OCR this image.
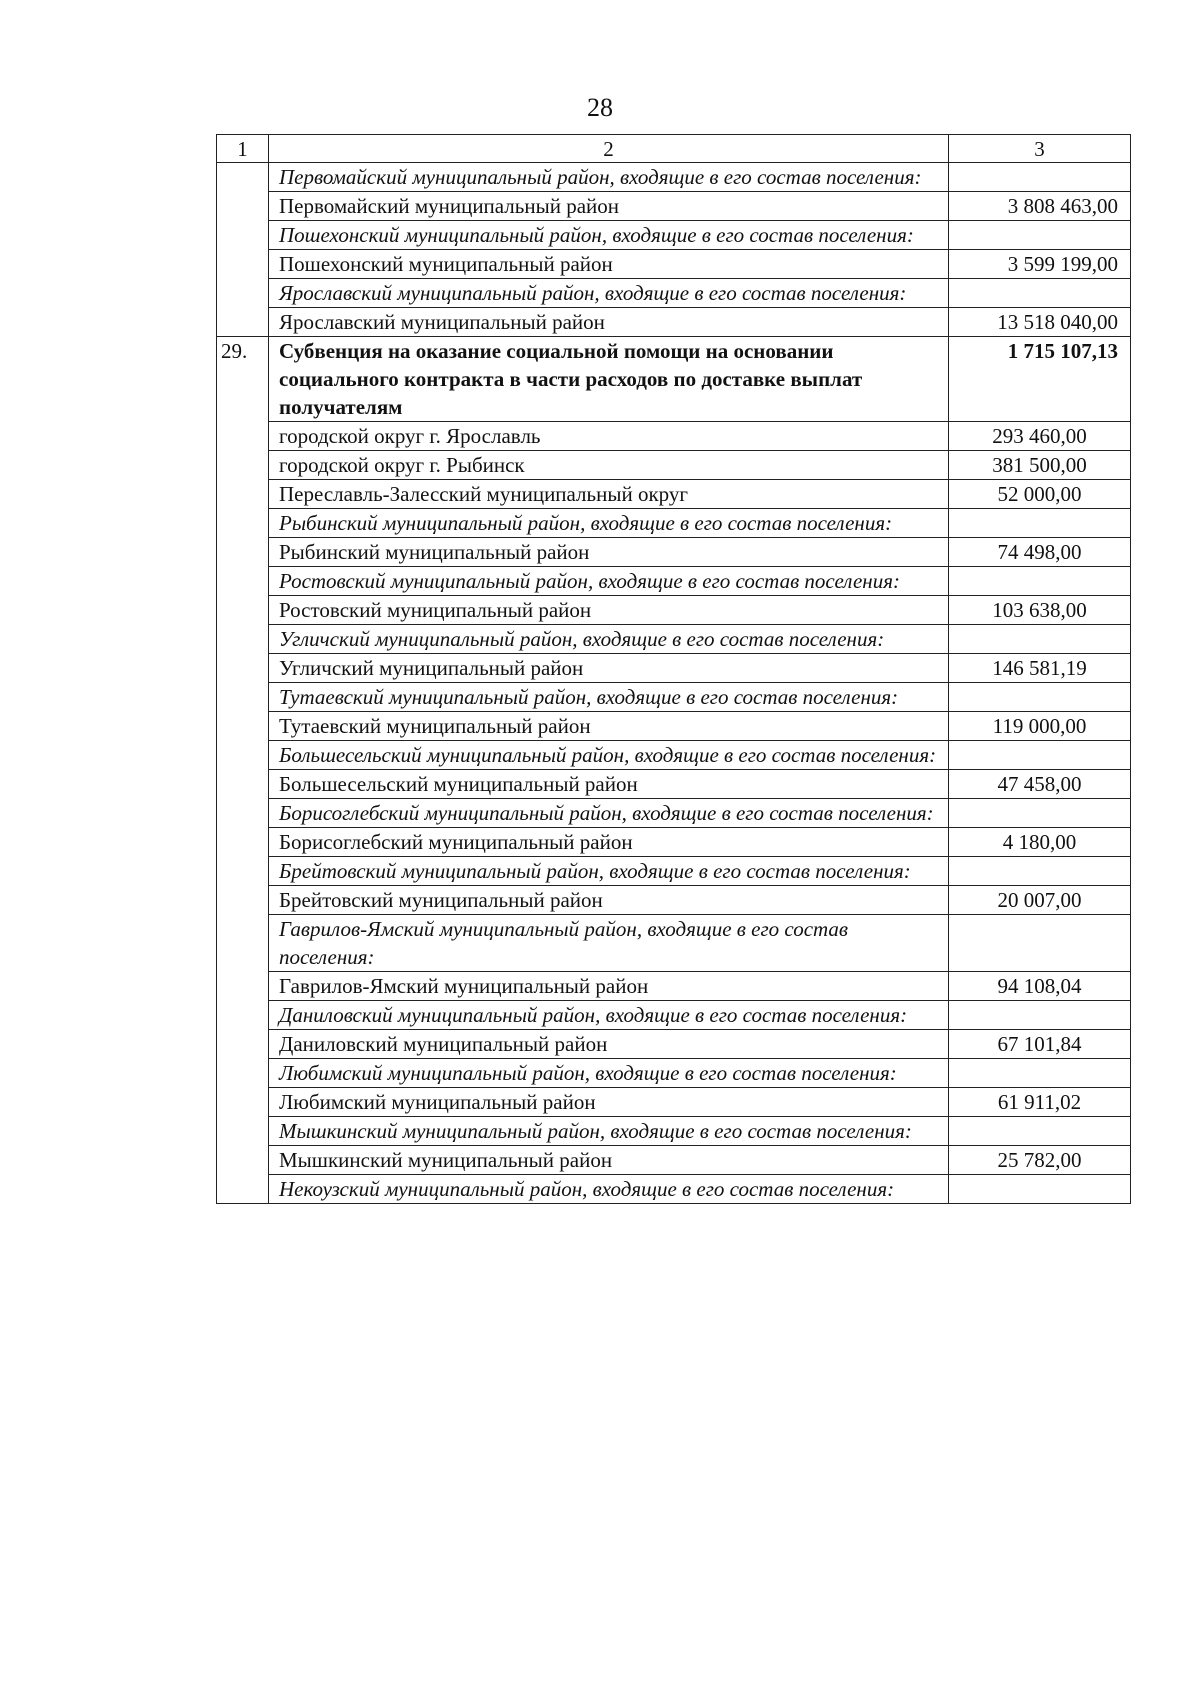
28
1	2	3
	Первомайский муниципальный район, входящие в его состав поселения:	
	Первомайский муниципальный район	3 808 463,00
	Пошехонский муниципальный район, входящие в его состав поселения:	
	Пошехонский муниципальный район	3 599 199,00
	Ярославский муниципальный район, входящие в его состав поселения:	
	Ярославский муниципальный район	13 518 040,00
29.	Субвенция на оказание социальной помощи на основании социального контракта в части расходов по доставке выплат получателям	1 715 107,13
	городской округ г. Ярославль	293 460,00
	городской округ г. Рыбинск	381 500,00
	Переславль-Залесский муниципальный округ	52 000,00
	Рыбинский муниципальный район, входящие в его состав поселения:	
	Рыбинский муниципальный район	74 498,00
	Ростовский муниципальный район, входящие в его состав поселения:	
	Ростовский муниципальный район	103 638,00
	Угличский муниципальный район, входящие в его состав поселения:	
	Угличский муниципальный район	146 581,19
	Тутаевский муниципальный район, входящие в его состав поселения:	
	Тутаевский муниципальный район	119 000,00
	Большесельский муниципальный район, входящие в его состав поселения:	
	Большесельский муниципальный район	47 458,00
	Борисоглебский муниципальный район, входящие в его состав поселения:	
	Борисоглебский муниципальный район	4 180,00
	Брейтовский муниципальный район, входящие в его состав поселения:	
	Брейтовский муниципальный район	20 007,00
	Гаврилов-Ямский муниципальный район, входящие в его состав поселения:	
	Гаврилов-Ямский муниципальный район	94 108,04
	Даниловский муниципальный район, входящие в его состав поселения:	
	Даниловский муниципальный район	67 101,84
	Любимский муниципальный район, входящие в его состав поселения:	
	Любимский муниципальный район	61 911,02
	Мышкинский муниципальный район, входящие в его состав поселения:	
	Мышкинский муниципальный район	25 782,00
	Некоузский муниципальный район, входящие в его состав поселения:	
